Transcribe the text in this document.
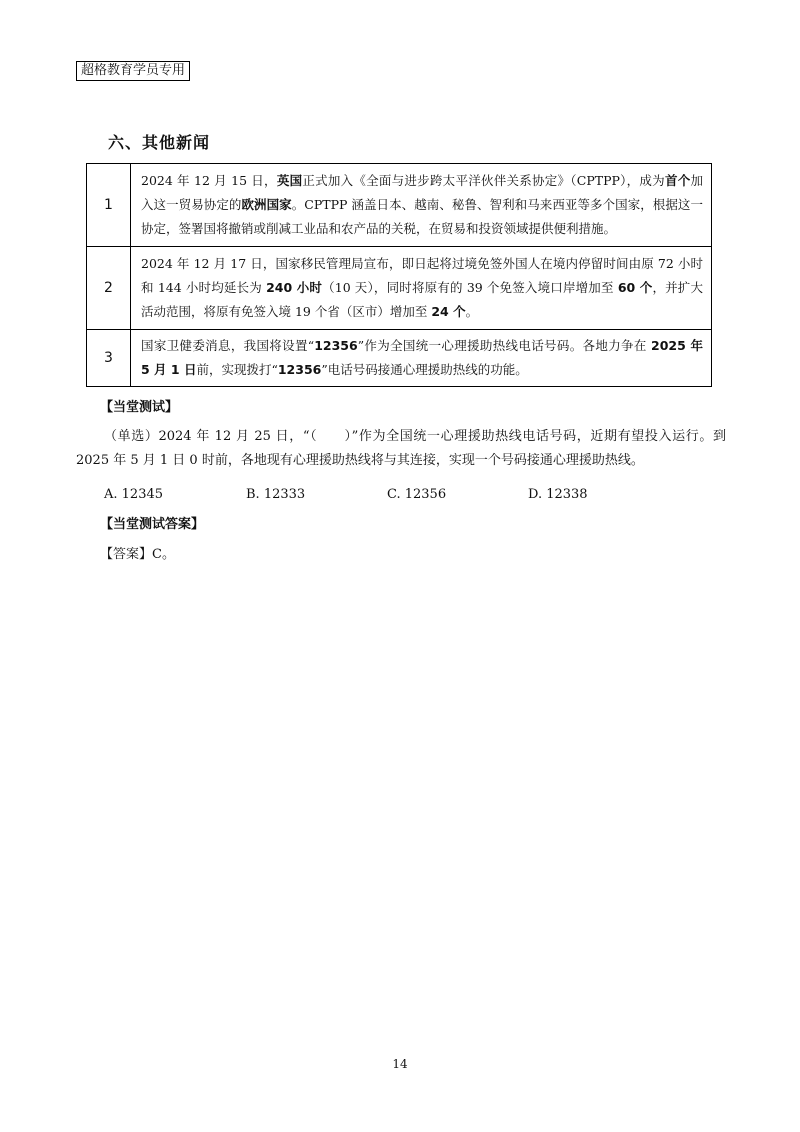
超格教育学员专用
六、其他新闻
1	2024 年 12 月 15 日，英国正式加入《全面与进步跨太平洋伙伴关系协定》（CPTPP），成为首个加入这一贸易协定的欧洲国家。CPTPP 涵盖日本、越南、秘鲁、智利和马来西亚等多个国家，根据这一协定，签署国将撤销或削减工业品和农产品的关税，在贸易和投资领域提供便利措施。
2	2024 年 12 月 17 日，国家移民管理局宣布，即日起将过境免签外国人在境内停留时间由原 72 小时和 144 小时均延长为 240 小时（10 天），同时将原有的 39 个免签入境口岸增加至 60 个，并扩大活动范围，将原有免签入境 19 个省（区市）增加至 24 个。
3	国家卫健委消息，我国将设置“12356”作为全国统一心理援助热线电话号码。各地力争在 2025 年 5 月 1 日前，实现拨打“12356”电话号码接通心理援助热线的功能。
【当堂测试】
（单选）2024 年 12 月 25 日，“（　　）”作为全国统一心理援助热线电话号码，近期有望投入运行。到 2025 年 5 月 1 日 0 时前，各地现有心理援助热线将与其连接，实现一个号码接通心理援助热线。
A. 12345	B. 12333	C. 12356	D. 12338
【当堂测试答案】
【答案】C。
14
